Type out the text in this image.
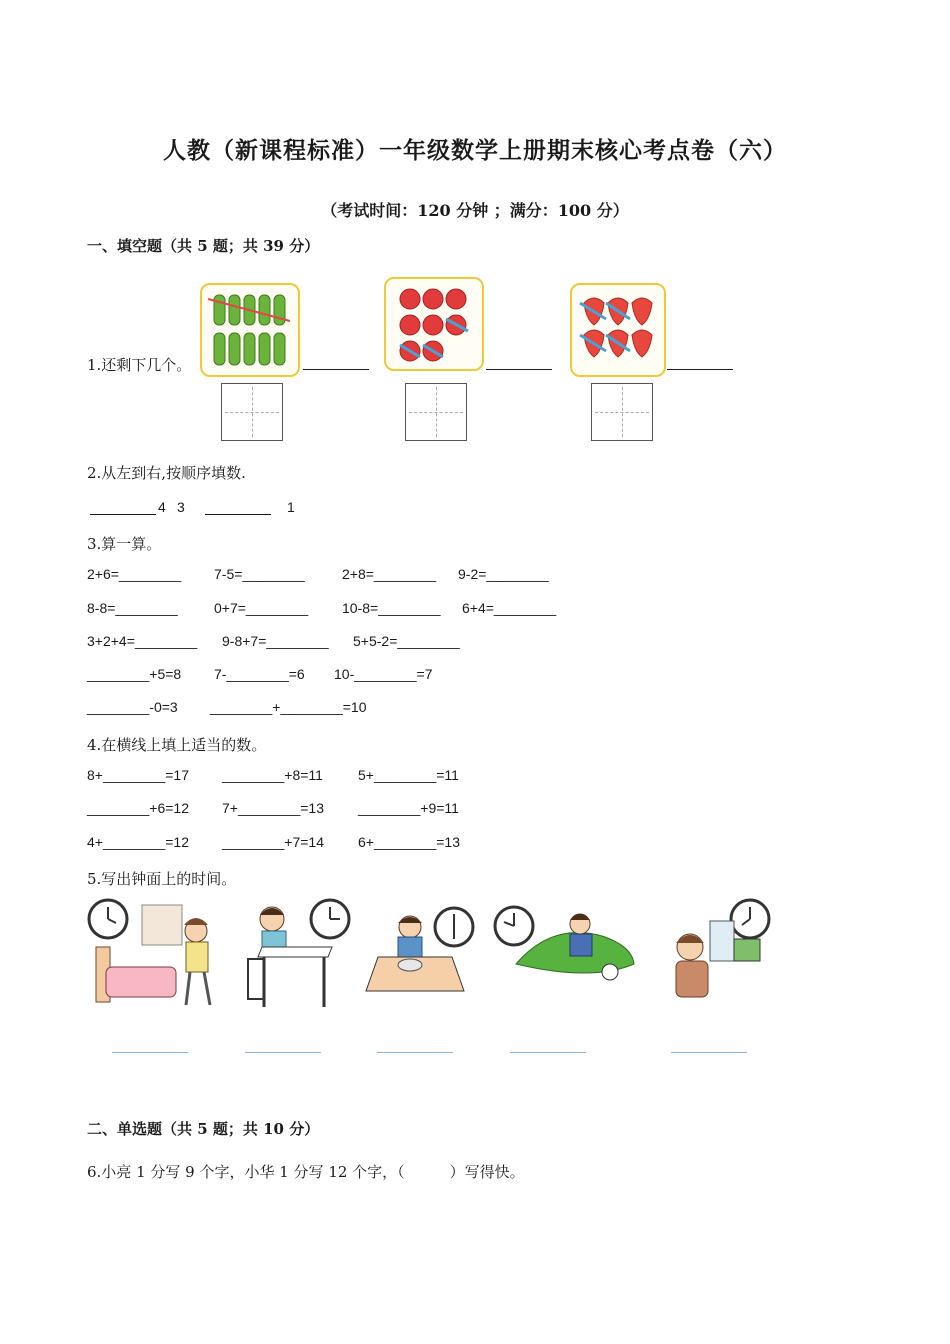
人教（新课程标准）一年级数学上册期末核心考点卷（六）
（考试时间：120 分钟 ；满分：100 分）
一、填空题（共 5 题；共 39 分）
1.还剩下几个。
2.从左到右,按顺序填数.
4 3	1
3.算一算。
2+6=________ 7-5=________	2+8=________ 9-2=________
8-8=________	0+7=________ 10-8=________ 6+4=________
3+2+4=________ 9-8+7=________ 5+5-2=________
________+5=8 7-________=6 10-________=7
________-0=3 ________+________=10
4.在横线上填上适当的数。
8+________=17 ________+8=11	5+________=11
________+6=12 7+________=13 ________+9=11
4+________=12 ________+7=14 6+________=13
5.写出钟面上的时间。
二、单选题（共 5 题；共 10 分）
6.小亮 1 分写 9 个字，小华 1 分写 12 个字，（　　　）写得快。
